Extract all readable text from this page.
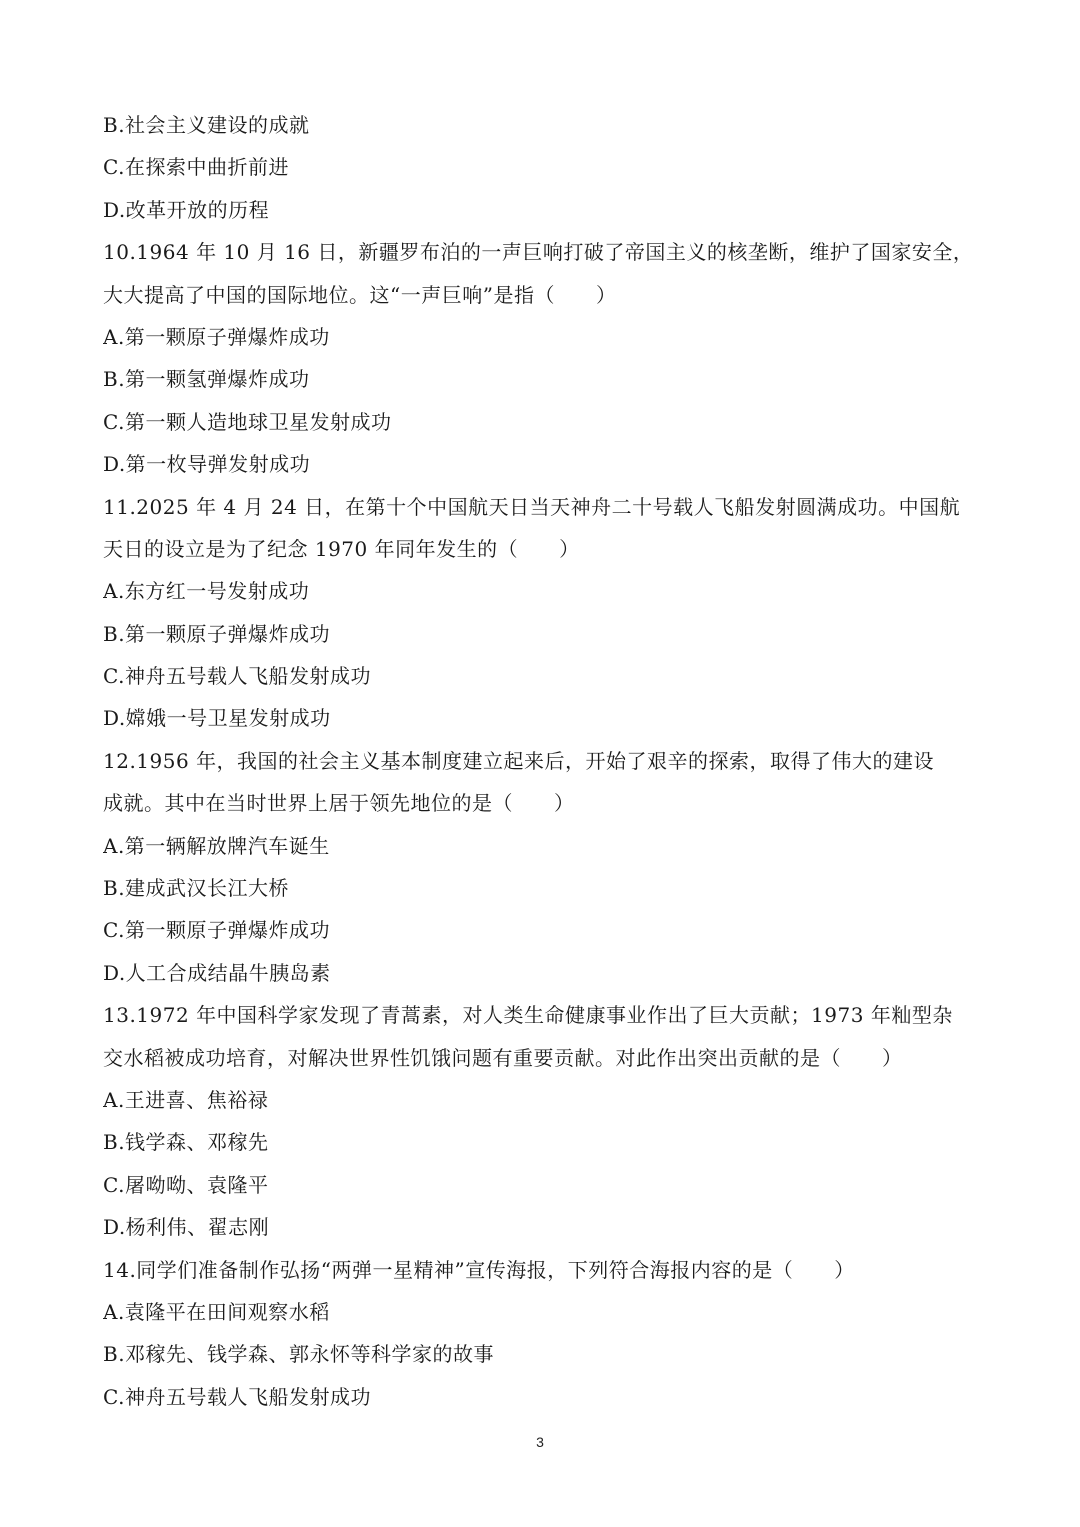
B.社会主义建设的成就
C.在探索中曲折前进
D.改革开放的历程
10.1964 年 10 月 16 日，新疆罗布泊的一声巨响打破了帝国主义的核垄断，维护了国家安全，
大大提高了中国的国际地位。这“一声巨响”是指（　　）
A.第一颗原子弹爆炸成功
B.第一颗氢弹爆炸成功
C.第一颗人造地球卫星发射成功
D.第一枚导弹发射成功
11.2025 年 4 月 24 日，在第十个中国航天日当天神舟二十号载人飞船发射圆满成功。中国航
天日的设立是为了纪念 1970 年同年发生的（　　）
A.东方红一号发射成功
B.第一颗原子弹爆炸成功
C.神舟五号载人飞船发射成功
D.嫦娥一号卫星发射成功
12.1956 年，我国的社会主义基本制度建立起来后，开始了艰辛的探索，取得了伟大的建设
成就。其中在当时世界上居于领先地位的是（　　）
A.第一辆解放牌汽车诞生
B.建成武汉长江大桥
C.第一颗原子弹爆炸成功
D.人工合成结晶牛胰岛素
13.1972 年中国科学家发现了青蒿素，对人类生命健康事业作出了巨大贡献；1973 年籼型杂
交水稻被成功培育，对解决世界性饥饿问题有重要贡献。对此作出突出贡献的是（　　）
A.王进喜、焦裕禄
B.钱学森、邓稼先
C.屠呦呦、袁隆平
D.杨利伟、翟志刚
14.同学们准备制作弘扬“两弹一星精神”宣传海报，下列符合海报内容的是（　　）
A.袁隆平在田间观察水稻
B.邓稼先、钱学森、郭永怀等科学家的故事
C.神舟五号载人飞船发射成功
3
